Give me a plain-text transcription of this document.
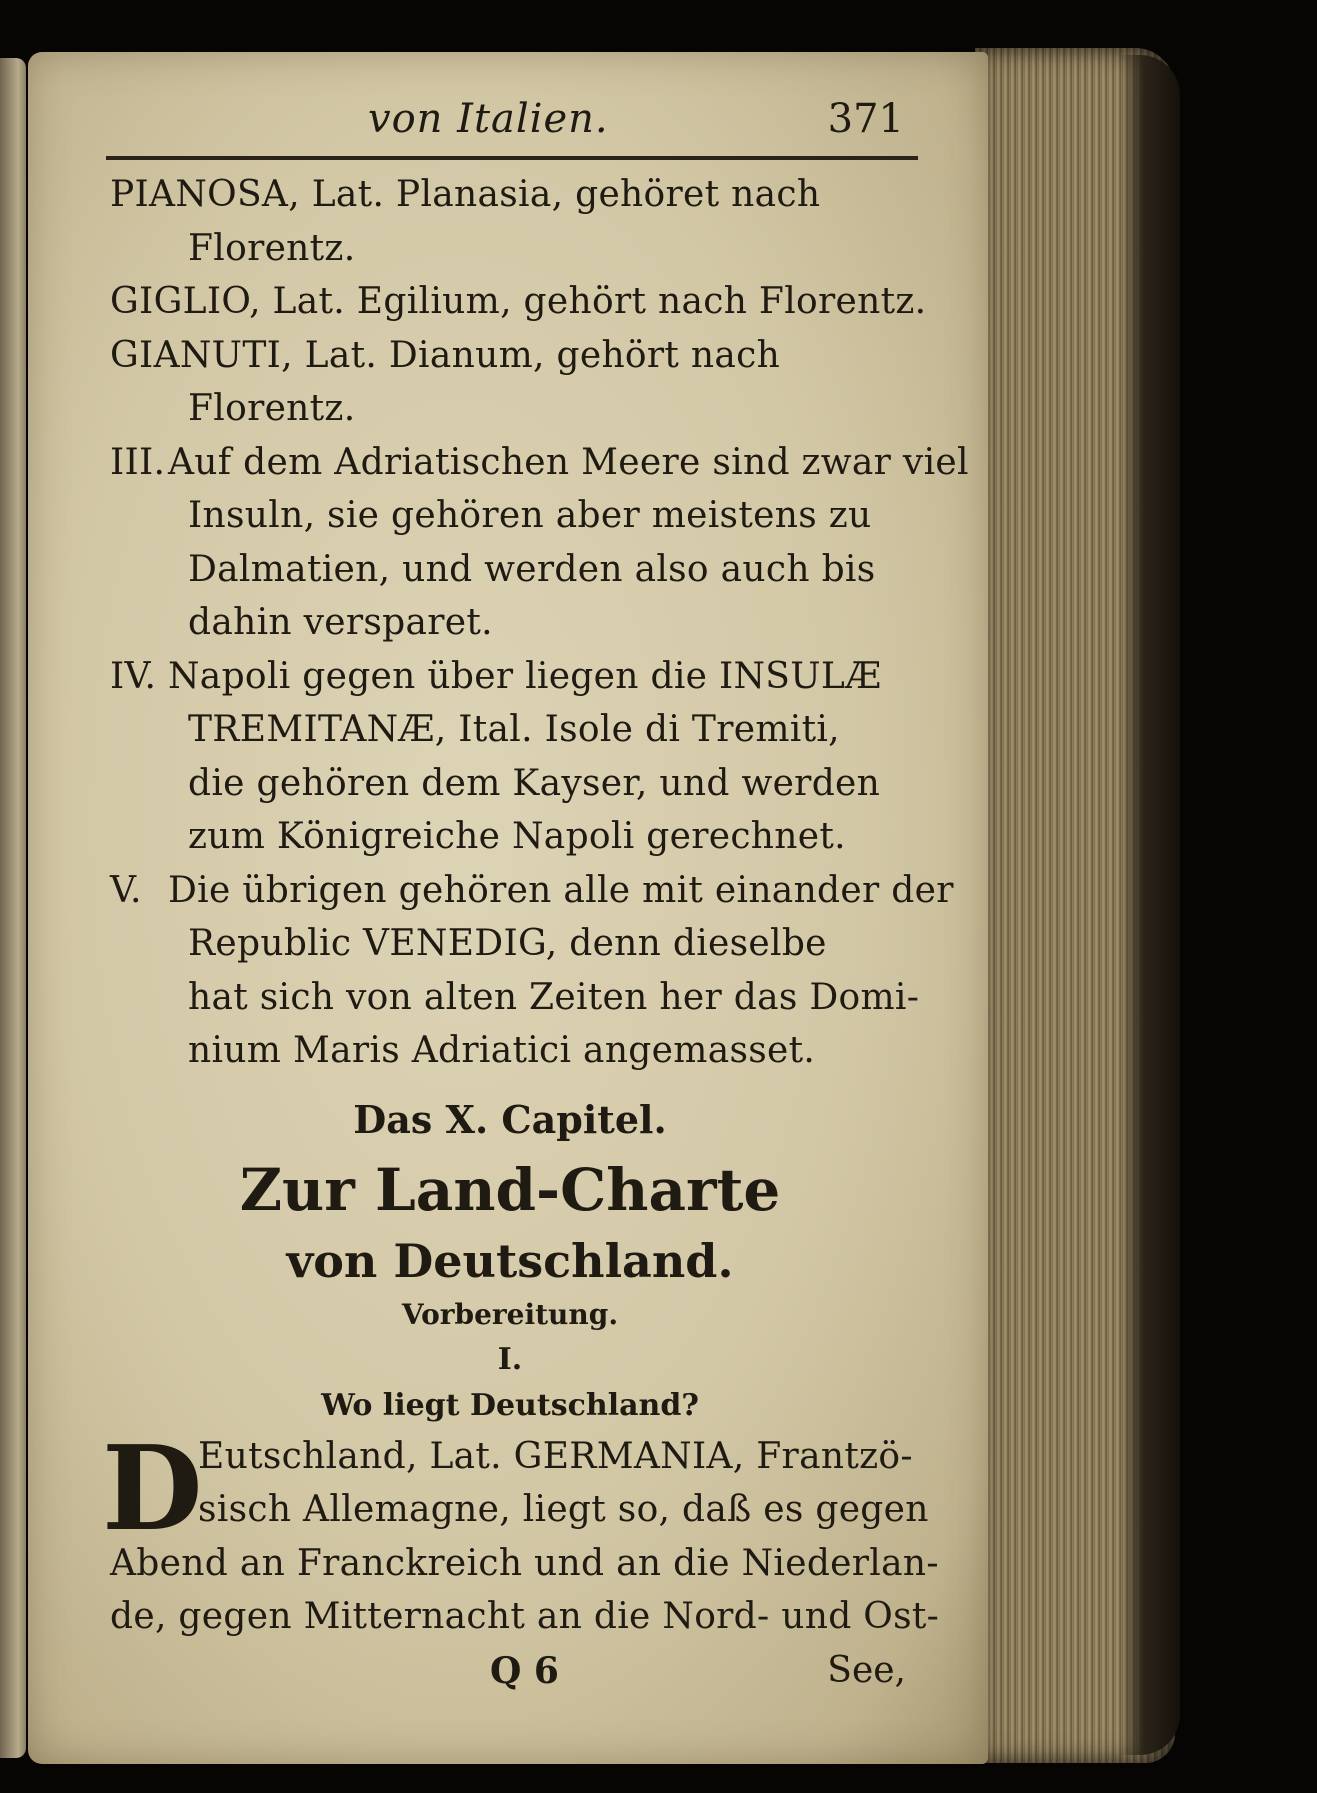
von Italien.	371
PIANOSA, Lat. Planasia, gehöret nach
Florentz.
GIGLIO, Lat. Egilium, gehört nach Florentz.
GIANUTI, Lat. Dianum, gehört nach
Florentz.
III. Auf dem Adriatischen Meere sind zwar viel
Insuln, sie gehören aber meistens zu
Dalmatien, und werden also auch bis
dahin versparet.
IV. Napoli gegen über liegen die INSULÆ
TREMITANÆ, Ital. Isole di Tremiti,
die gehören dem Kayser, und werden
zum Königreiche Napoli gerechnet.
V. Die übrigen gehören alle mit einander der
Republic VENEDIG, denn dieselbe
hat sich von alten Zeiten her das Domi-
nium Maris Adriatici angemasset.
Das X. Capitel.
Zur Land-Charte
von Deutschland.
Vorbereitung.
I.
Wo liegt Deutschland?
D
Eutschland, Lat. GERMANIA, Frantzö-
sisch Allemagne, liegt so, daß es gegen
Abend an Franckreich und an die Niederlan-
de, gegen Mitternacht an die Nord- und Ost-
Q 6	See,
